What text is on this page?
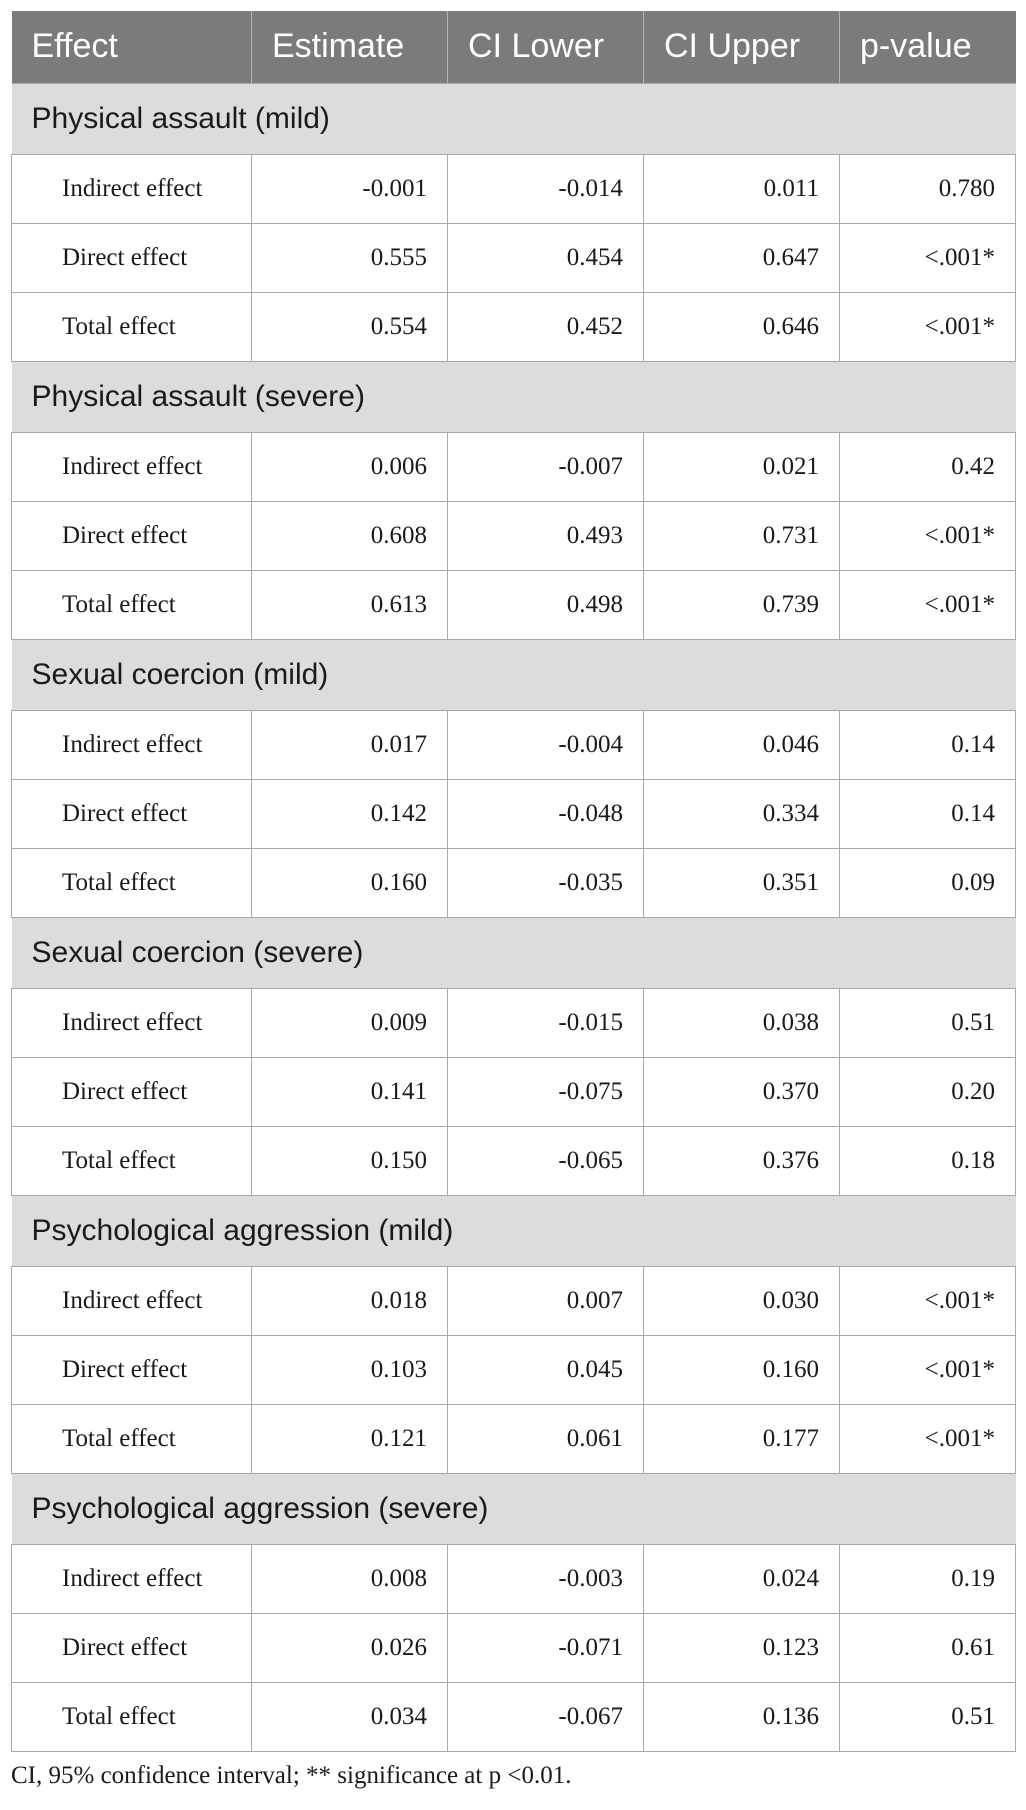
Effect	Estimate	CI Lower	CI Upper	p-value
Physical assault (mild)				
Indirect effect	-0.001	-0.014	0.011	0.780
Direct effect	0.555	0.454	0.647	<.001*
Total effect	0.554	0.452	0.646	<.001*
Physical assault (severe)				
Indirect effect	0.006	-0.007	0.021	0.42
Direct effect	0.608	0.493	0.731	<.001*
Total effect	0.613	0.498	0.739	<.001*
Sexual coercion (mild)				
Indirect effect	0.017	-0.004	0.046	0.14
Direct effect	0.142	-0.048	0.334	0.14
Total effect	0.160	-0.035	0.351	0.09
Sexual coercion (severe)				
Indirect effect	0.009	-0.015	0.038	0.51
Direct effect	0.141	-0.075	0.370	0.20
Total effect	0.150	-0.065	0.376	0.18
Psychological aggression (mild)				
Indirect effect	0.018	0.007	0.030	<.001*
Direct effect	0.103	0.045	0.160	<.001*
Total effect	0.121	0.061	0.177	<.001*
Psychological aggression (severe)				
Indirect effect	0.008	-0.003	0.024	0.19
Direct effect	0.026	-0.071	0.123	0.61
Total effect	0.034	-0.067	0.136	0.51
CI, 95% confidence interval; ** significance at p <0.01.
